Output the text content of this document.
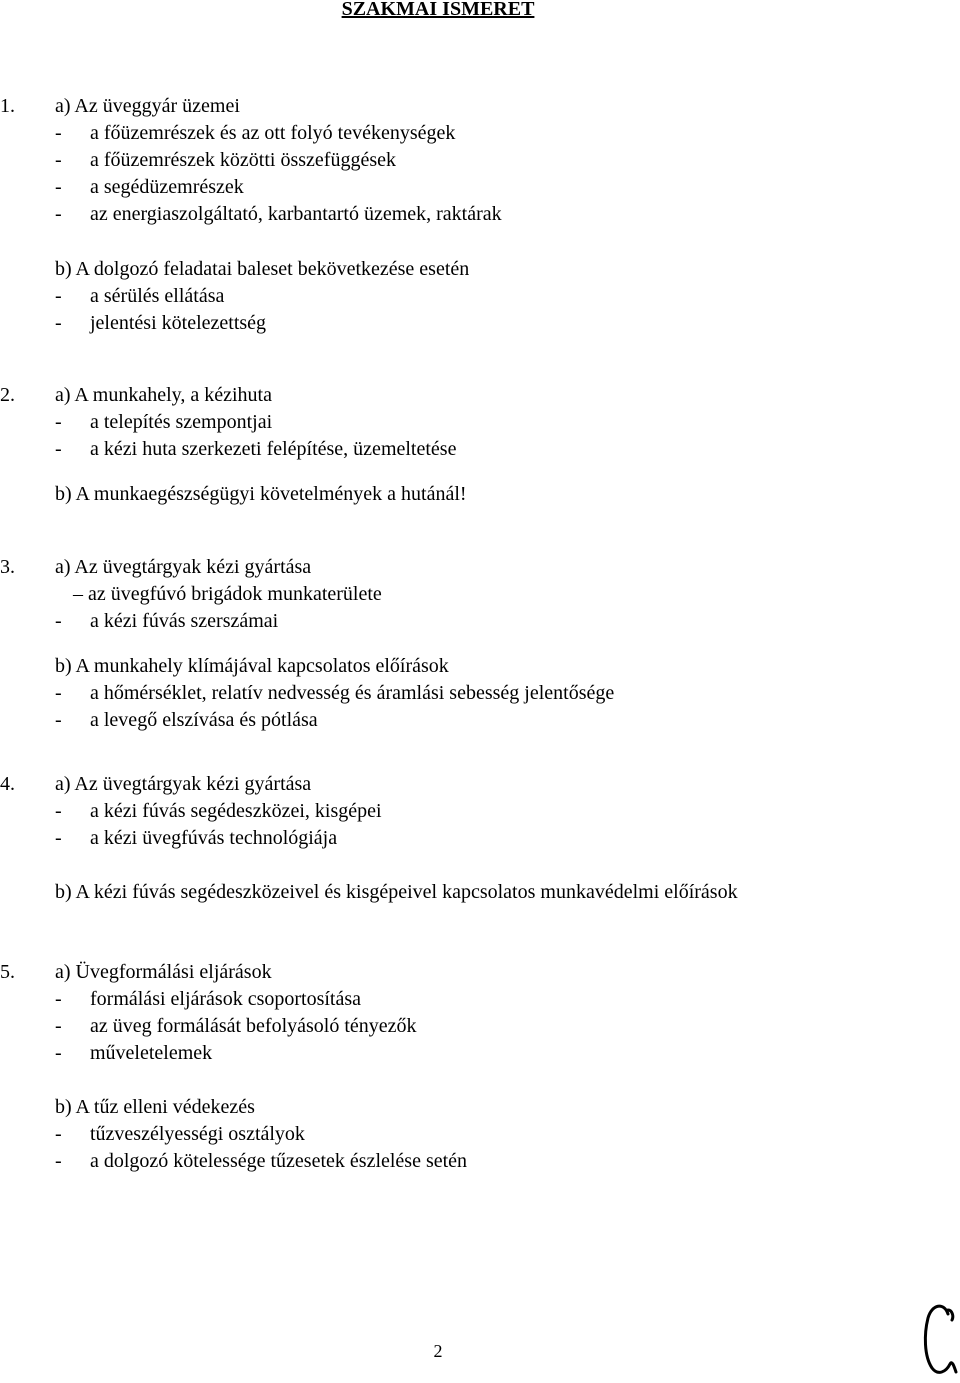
SZAKMAI ISMERET
1. a) Az üveggyár üzemei
- a főüzemrészek és az ott folyó tevékenységek
- a főüzemrészek közötti összefüggések
- a segédüzemrészek
- az energiaszolgáltató, karbantartó üzemek, raktárak
b) A dolgozó feladatai baleset bekövetkezése esetén
- a sérülés ellátása
- jelentési kötelezettség
2. a) A munkahely, a kézihuta
- a telepítés szempontjai
- a kézi huta szerkezeti felépítése, üzemeltetése
b) A munkaegészségügyi követelmények a hutánál!
3. a) Az üvegtárgyak kézi gyártása
– az üvegfúvó brigádok munkaterülete
- a kézi fúvás szerszámai
b) A munkahely klímájával kapcsolatos előírások
- a hőmérséklet, relatív nedvesség és áramlási sebesség jelentősége
- a levegő elszívása és pótlása
4. a) Az üvegtárgyak kézi gyártása
- a kézi fúvás segédeszközei, kisgépei
- a kézi üvegfúvás technológiája
b) A kézi fúvás segédeszközeivel és kisgépeivel kapcsolatos munkavédelmi előírások
5. a) Üvegformálási eljárások
- formálási eljárások csoportosítása
- az üveg formálását befolyásoló tényezők
- műveletelemek
b) A tűz elleni védekezés
- tűzveszélyességi osztályok
- a dolgozó kötelessége tűzesetek észlelése setén
2
